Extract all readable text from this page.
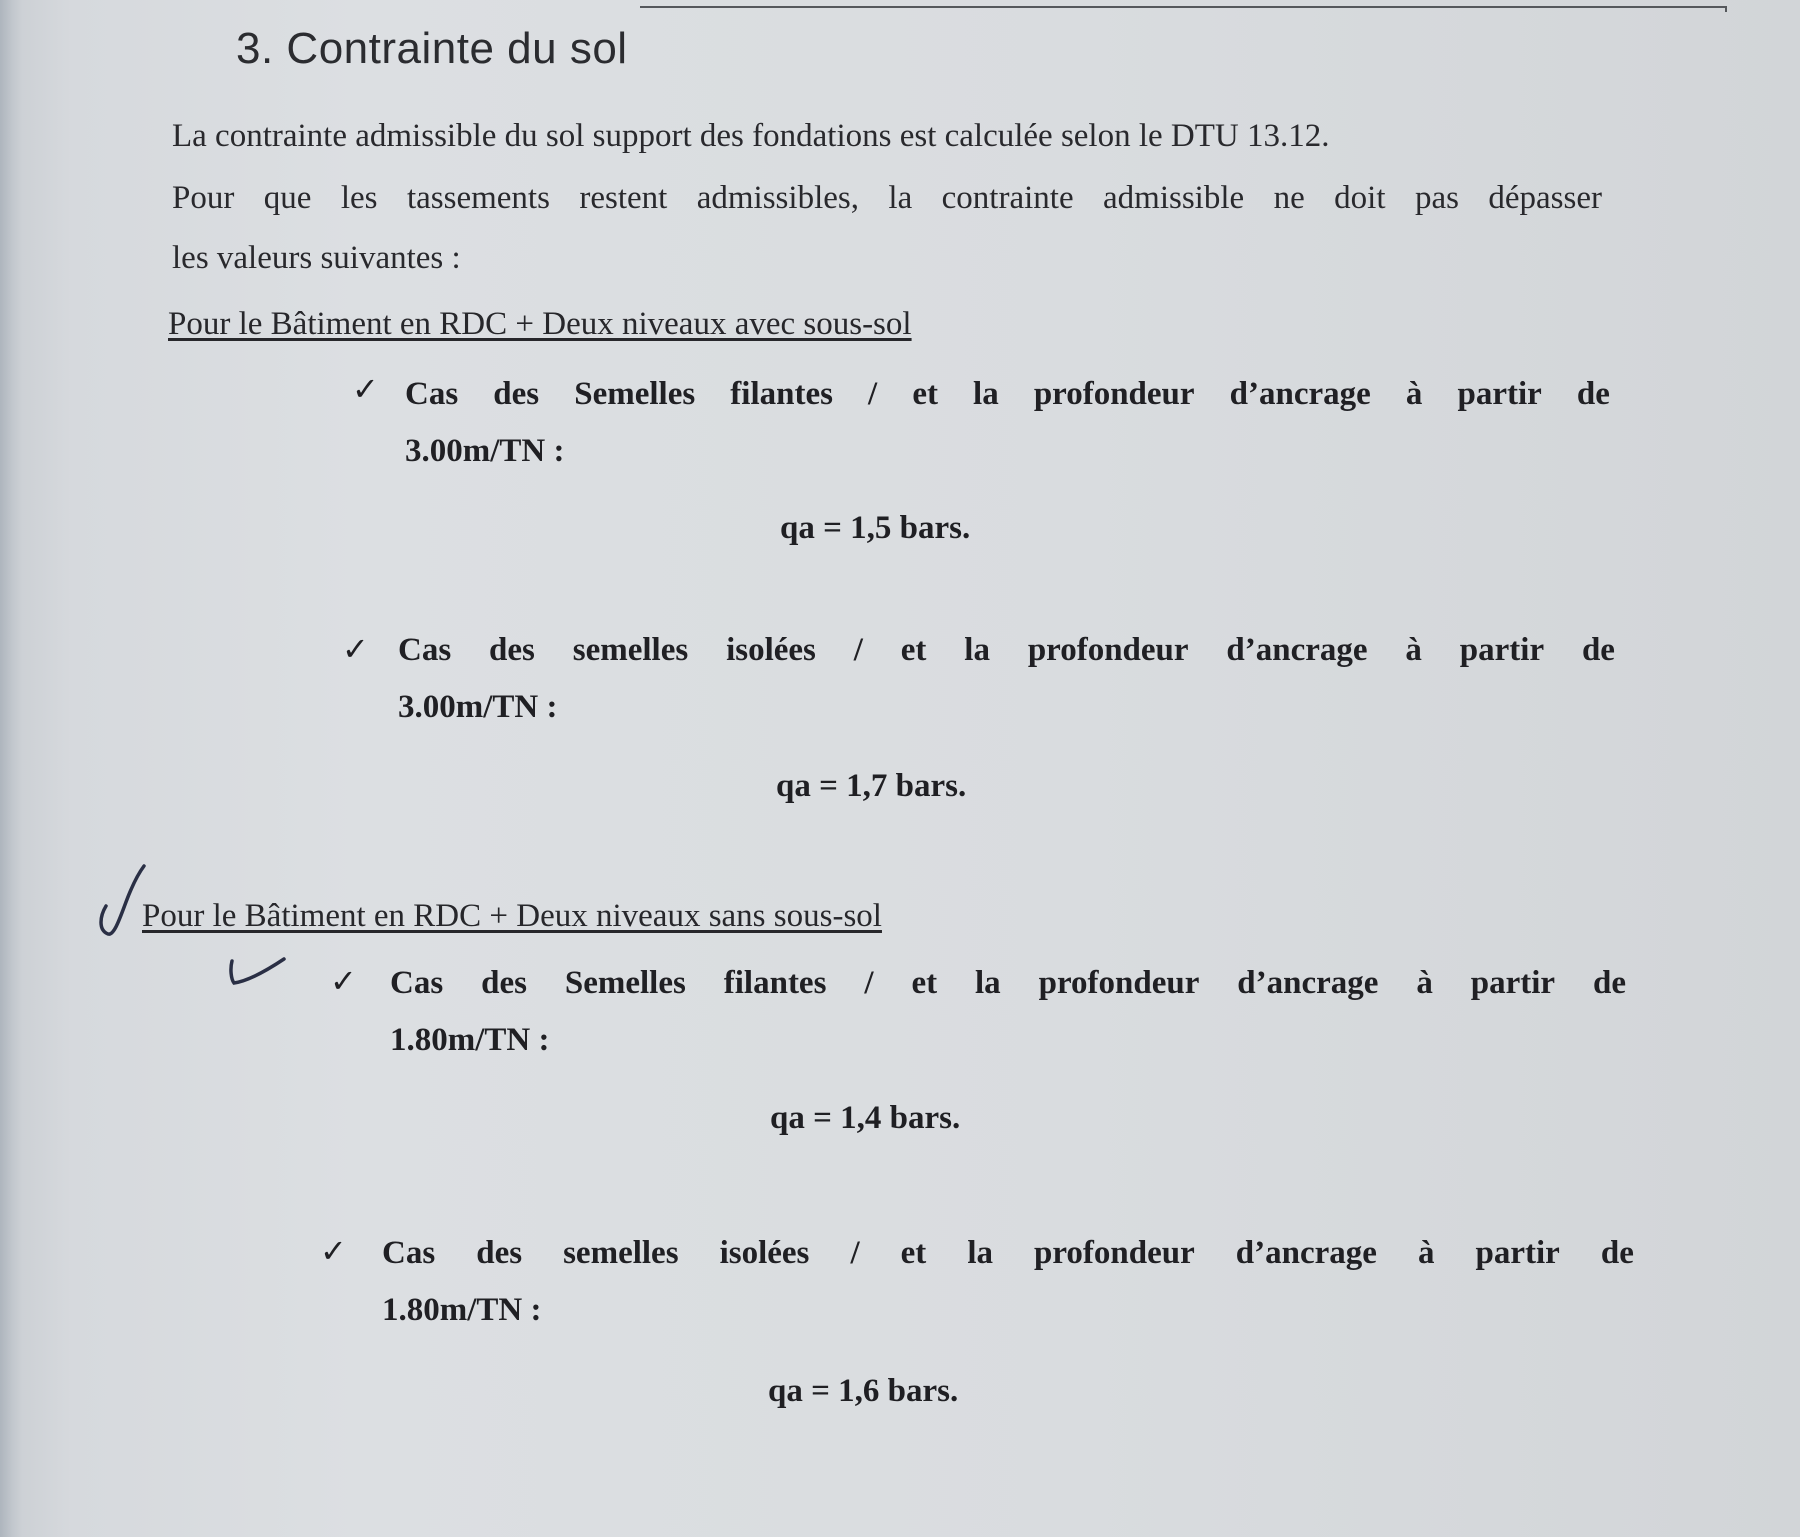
3. Contrainte du sol
La contrainte admissible du sol support des fondations est calculée selon le DTU 13.12.
Pour que les tassements restent admissibles, la contrainte admissible ne doit pas dépasser
les valeurs suivantes :
Pour le Bâtiment en RDC + Deux niveaux avec sous-sol
✓ Cas des Semelles filantes / et la profondeur d’ancrage à partir de
3.00m/TN :
qa = 1,5 bars.
✓ Cas des semelles isolées / et la profondeur d’ancrage à partir de
3.00m/TN :
qa = 1,7 bars.
Pour le Bâtiment en RDC + Deux niveaux sans sous-sol
✓ Cas des Semelles filantes / et la profondeur d’ancrage à partir de
1.80m/TN :
qa = 1,4 bars.
✓ Cas des semelles isolées / et la profondeur d’ancrage à partir de
1.80m/TN :
qa = 1,6 bars.
